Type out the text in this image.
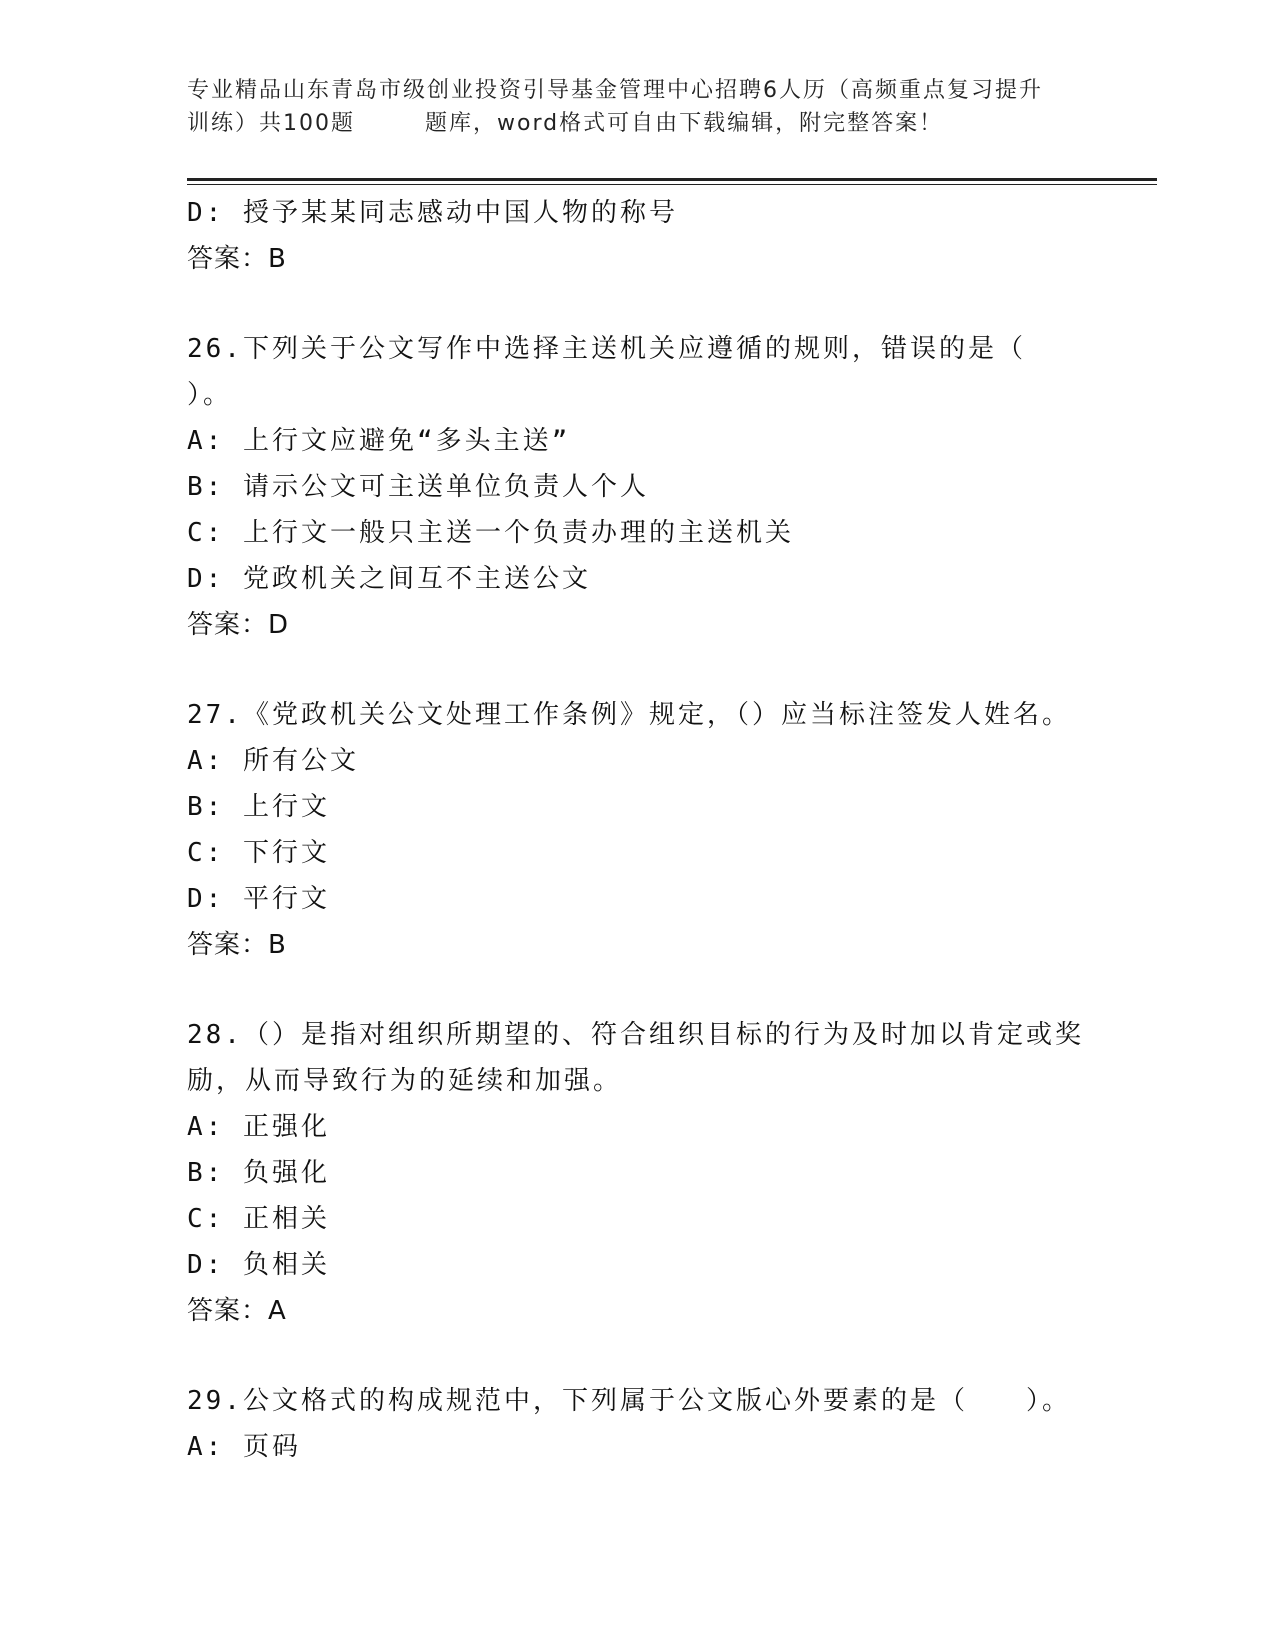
专业精品山东青岛市级创业投资引导基金管理中心招聘6人历（高频重点复习提升
训练）共100题	题库，word格式可自由下载编辑，附完整答案！
D: 授予某某同志感动中国人物的称号
答案：B
26.下列关于公文写作中选择主送机关应遵循的规则，错误的是（
）。
A: 上行文应避免“多头主送”
B: 请示公文可主送单位负责人个人
C: 上行文一般只主送一个负责办理的主送机关
D: 党政机关之间互不主送公文
答案：D
27.《党政机关公文处理工作条例》规定，（）应当标注签发人姓名。
A: 所有公文
B: 上行文
C: 下行文
D: 平行文
答案：B
28.（）是指对组织所期望的、符合组织目标的行为及时加以肯定或奖
励，从而导致行为的延续和加强。
A: 正强化
B: 负强化
C: 正相关
D: 负相关
答案：A
29.公文格式的构成规范中，下列属于公文版心外要素的是（　　）。
A: 页码
